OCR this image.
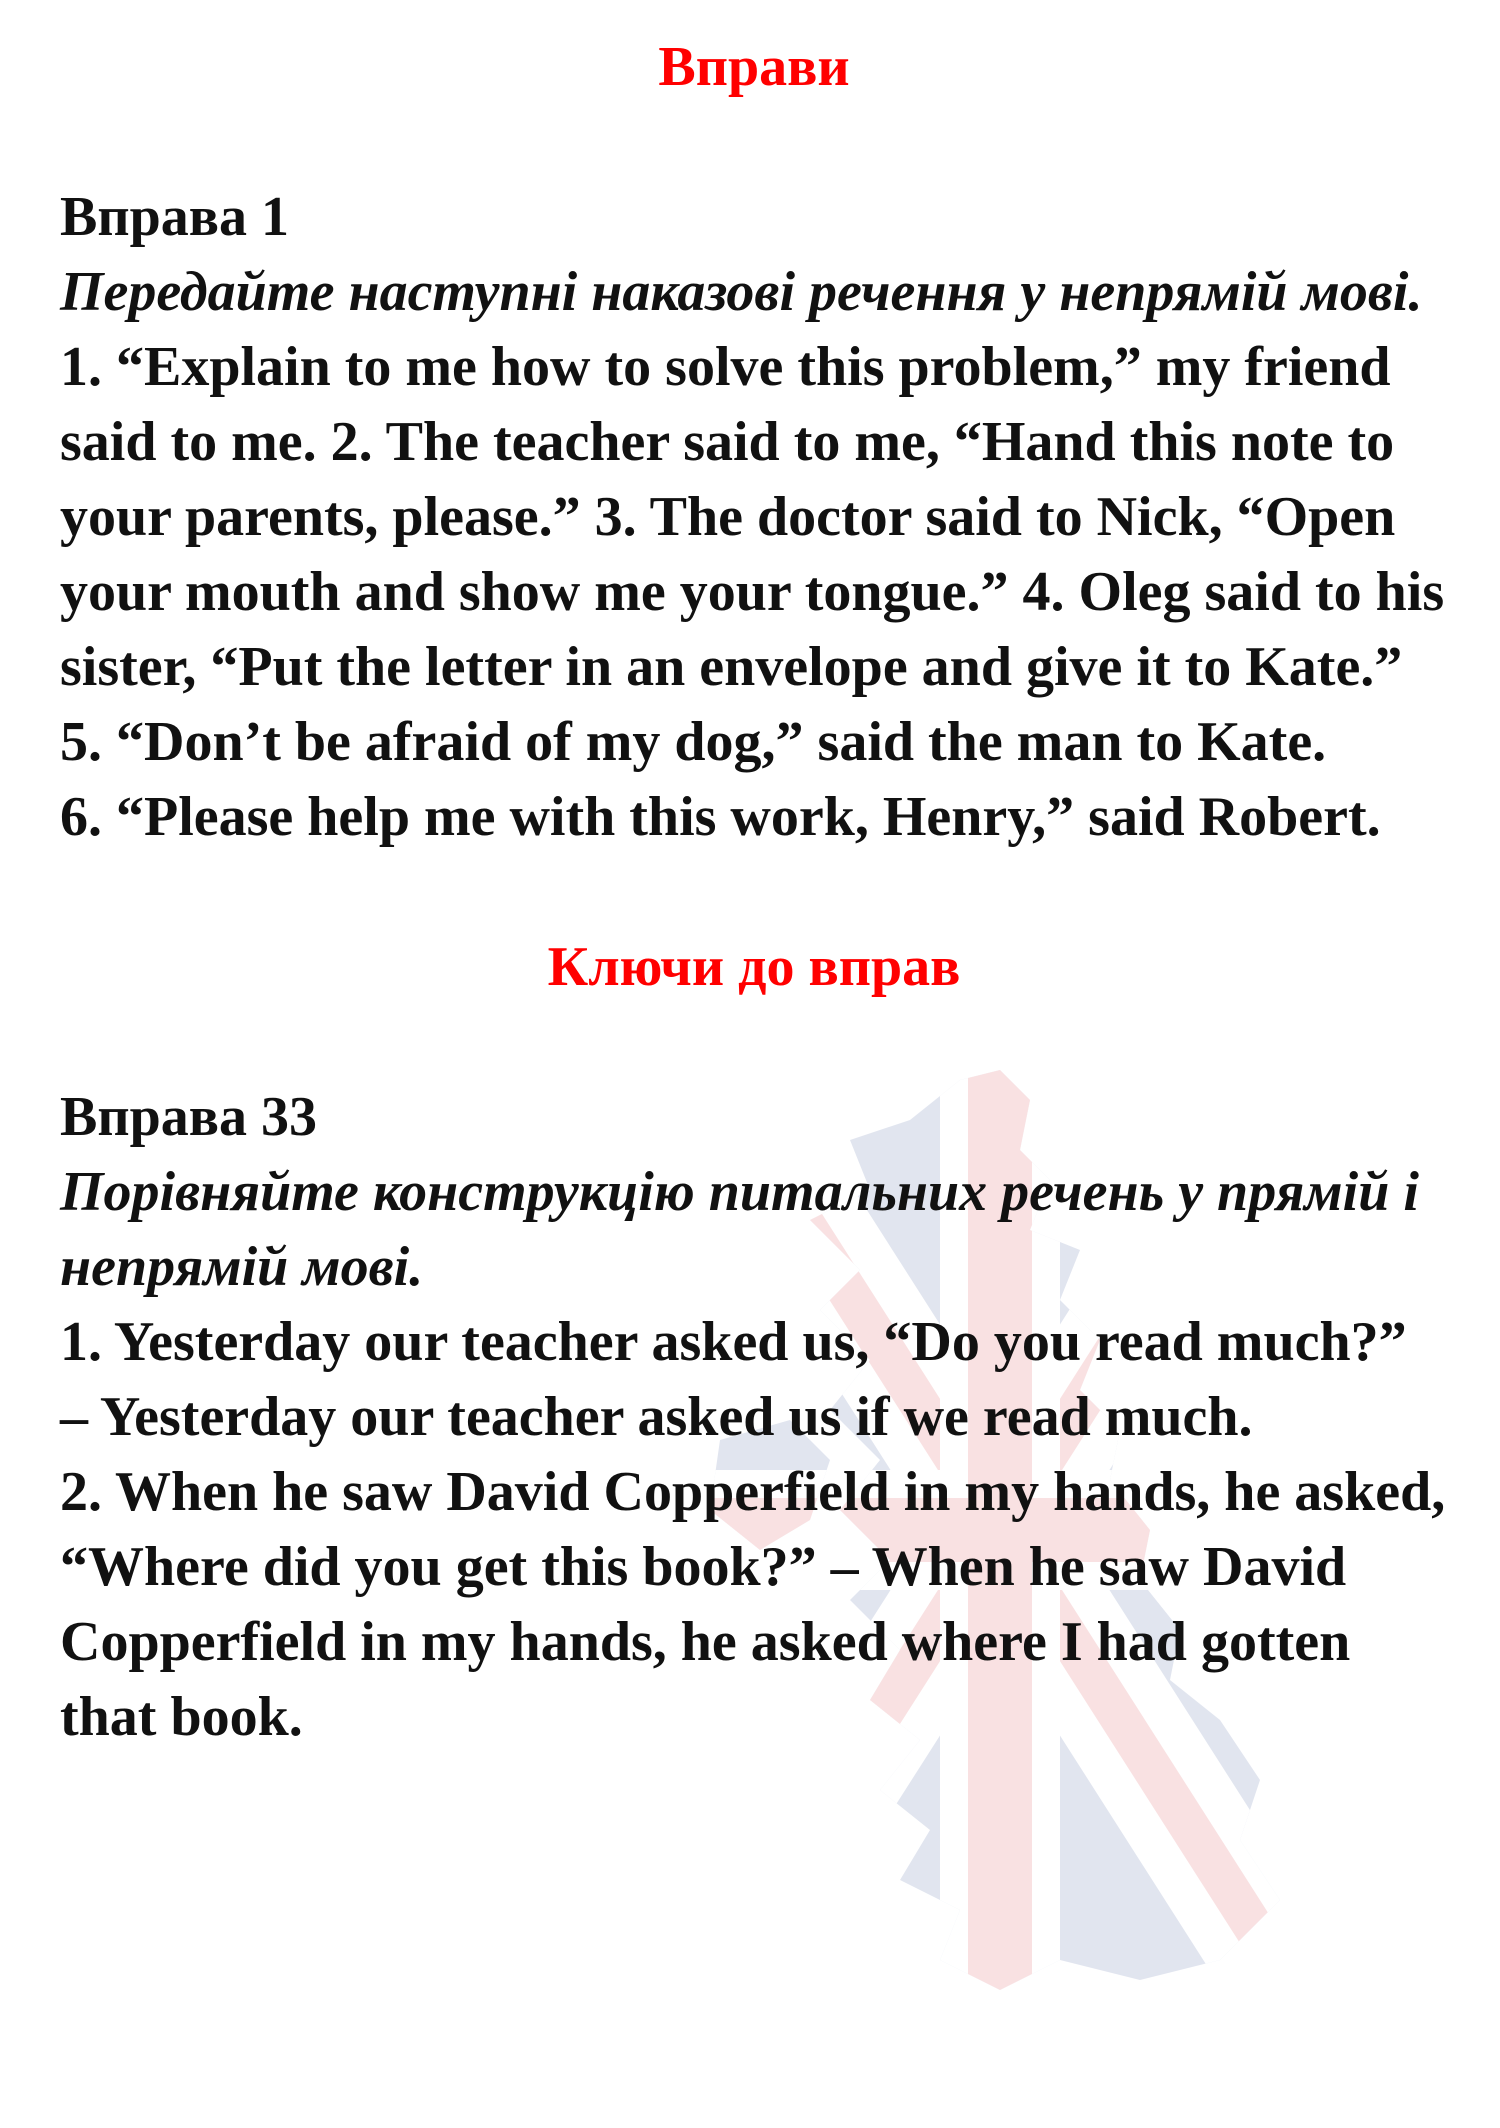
Вправи

Вправа 1

Передайте наступні наказові речення у непрямій мові.

1. “Explain to me how to solve this problem,” my friend said to me. 2. The teacher said to me, “Hand this note to your parents, please.” 3. The doctor said to Nick, “Open your mouth and show me your tongue.” 4. Oleg said to his sister, “Put the letter in an envelope and give it to Kate.”

5. “Don’t be afraid of my dog,” said the man to Kate.

6. “Please help me with this work, Henry,” said Robert.

Ключи до вправ

Вправа 33

Порівняйте конструкцію питальних речень у прямій і непрямій мові.

1. Yesterday our teacher asked us, “Do you read much?” – Yesterday our teacher asked us if we read much.

2. When he saw David Copperfield in my hands, he asked, “Where did you get this book?” – When he saw David Copperfield in my hands, he asked where I had gotten that book.
